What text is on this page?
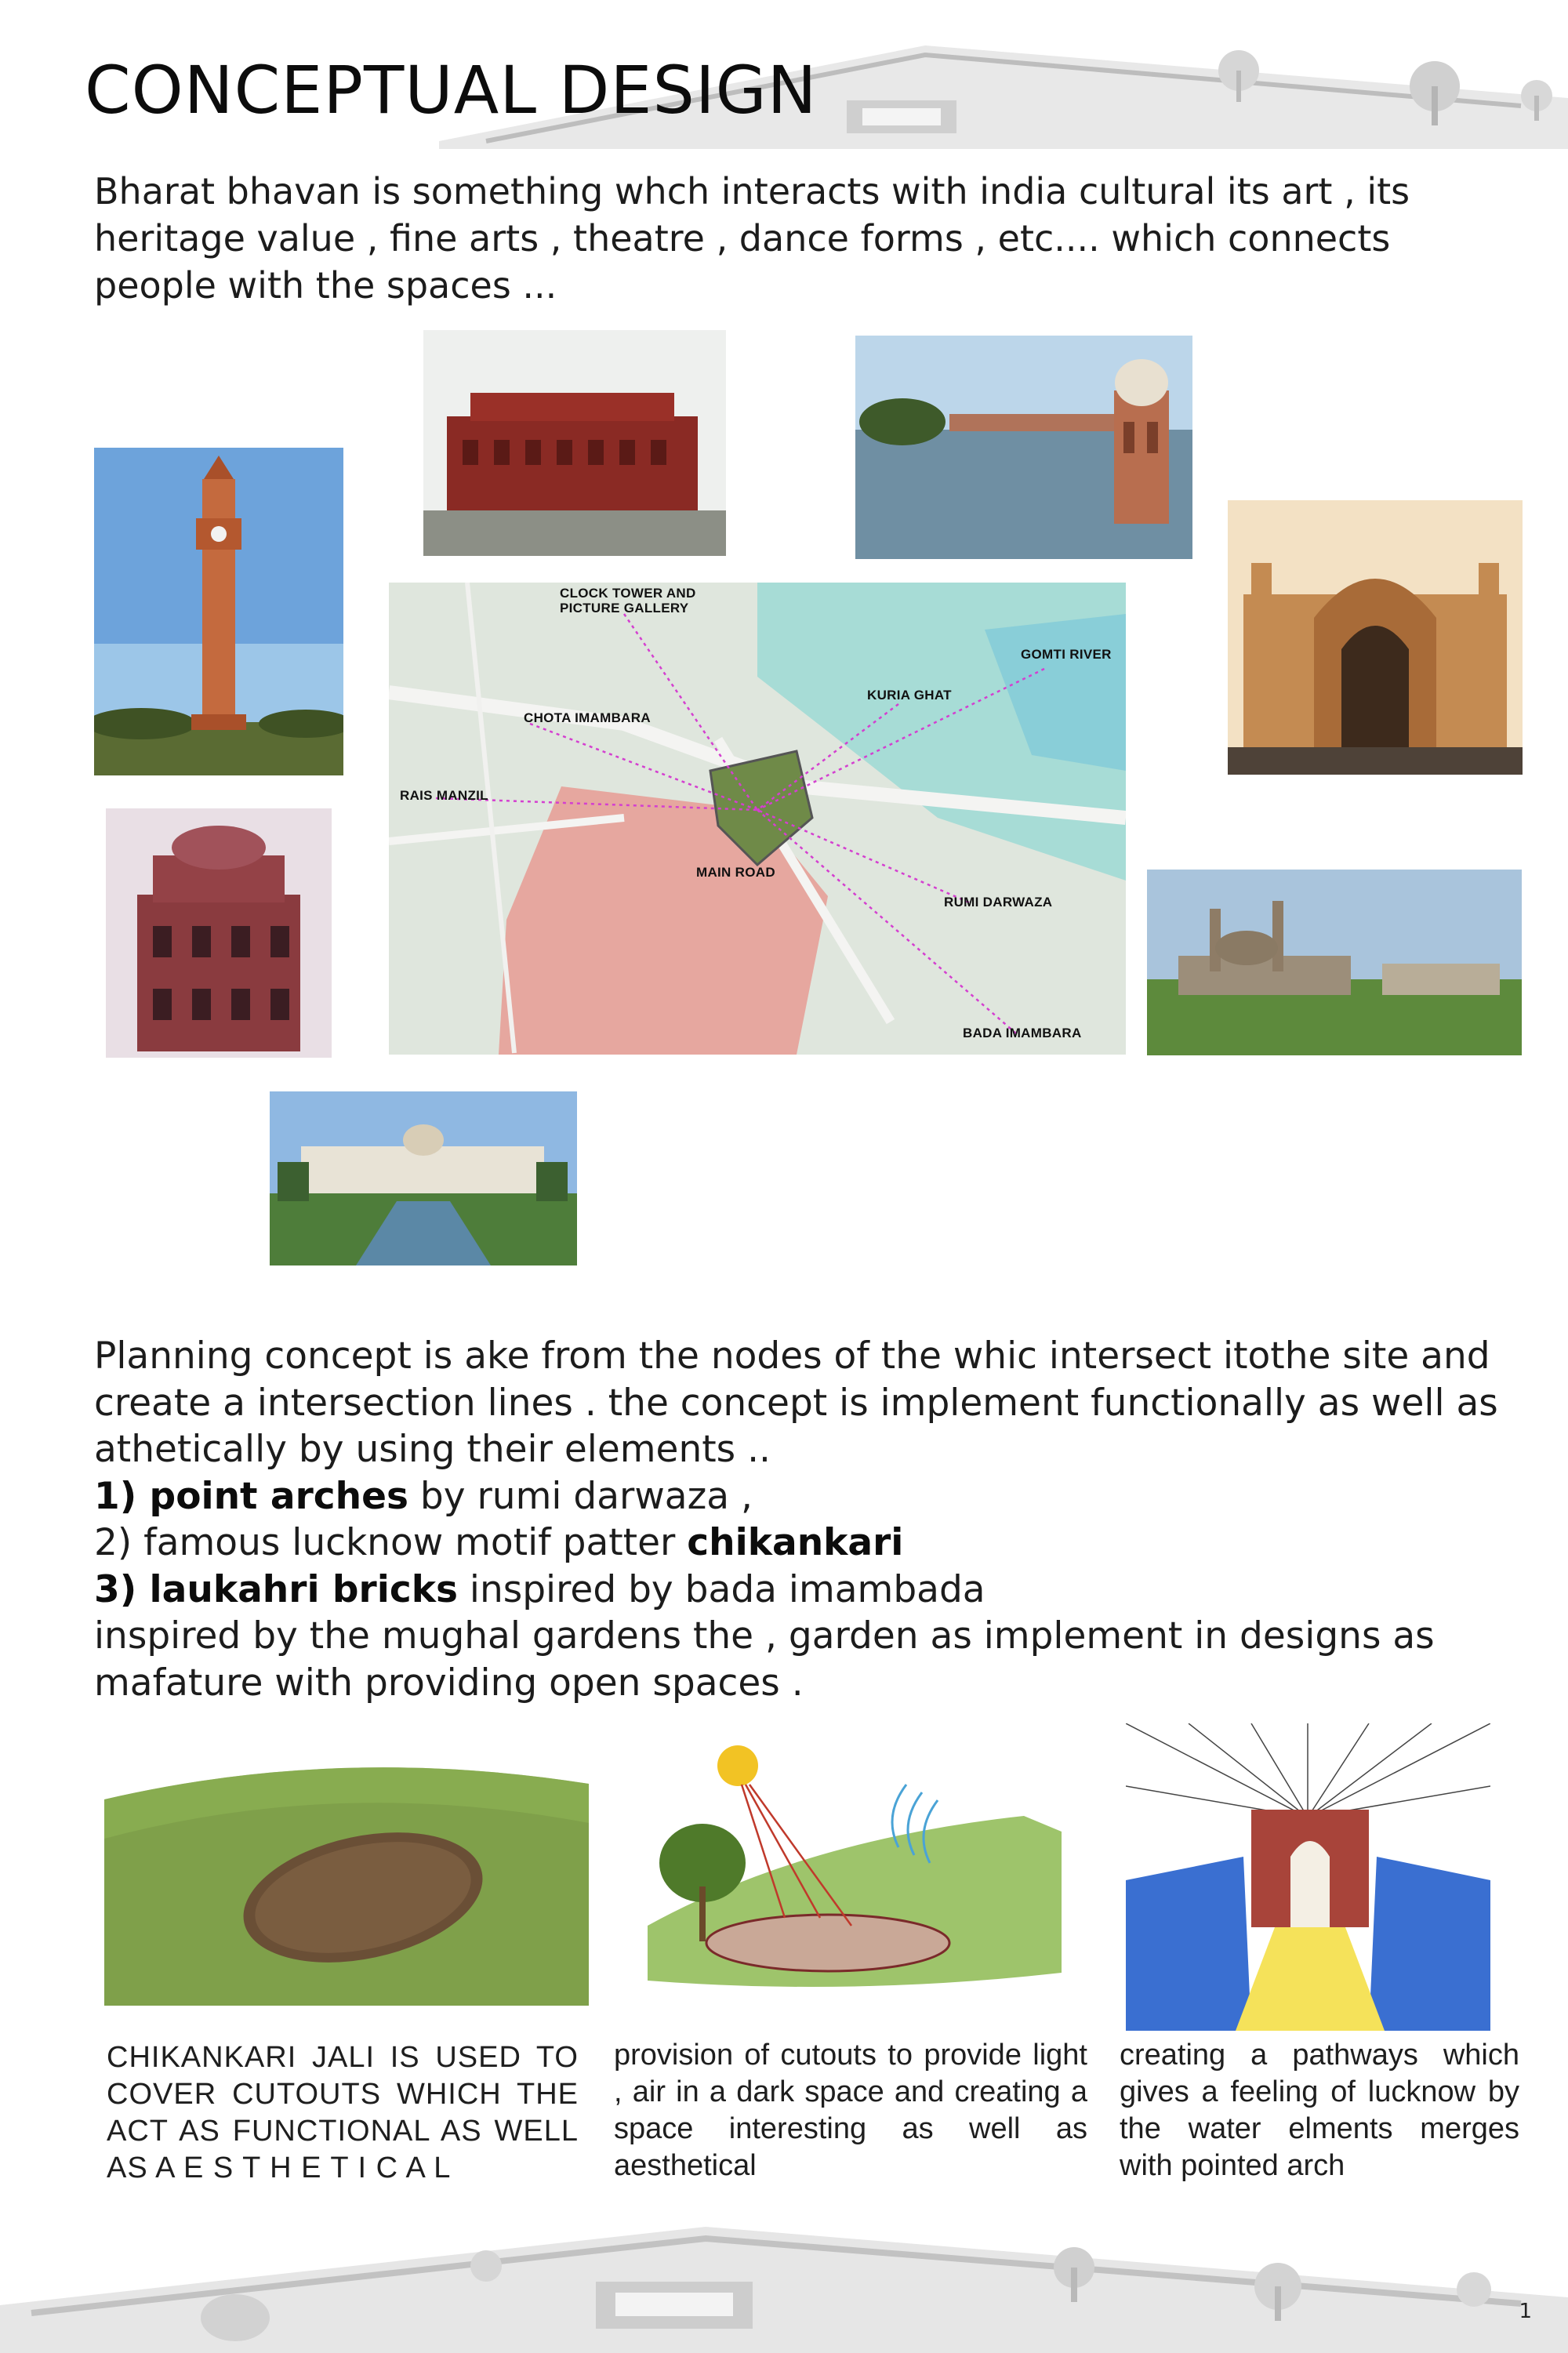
CONCEPTUAL DESIGN
Bharat bhavan is something whch interacts with india cultural its art , its
heritage value , fine arts , theatre , dance forms , etc.... which connects
people with the spaces ...
CLOCK TOWER AND
PICTURE GALLERY
GOMTI RIVER
KURIA GHAT
CHOTA IMAMBARA
RAIS MANZIL
MAIN ROAD
RUMI DARWAZA
BADA IMAMBARA

Planning concept is ake from the nodes of the whic intersect itothe site and create a intersection lines . the concept is implement functionally as well as athetically by using their elements ..

1) point arches by rumi darwaza ,

2) famous lucknow motif patter chikankari

3) laukahri bricks inspired by bada imambada

inspired by the mughal gardens the , garden as implement in designs as mafature with providing open spaces .

CHIKANKARI JALI IS USED TO COVER CUTOUTS WHICH THE ACT AS FUNCTIONAL AS WELL AS A E S T H E T I C A L
provision of cutouts to provide light , air in a dark space and creating a space interesting as well as aesthetical
creating a pathways which gives a feeling of lucknow by the water elments merges with pointed arch
1
